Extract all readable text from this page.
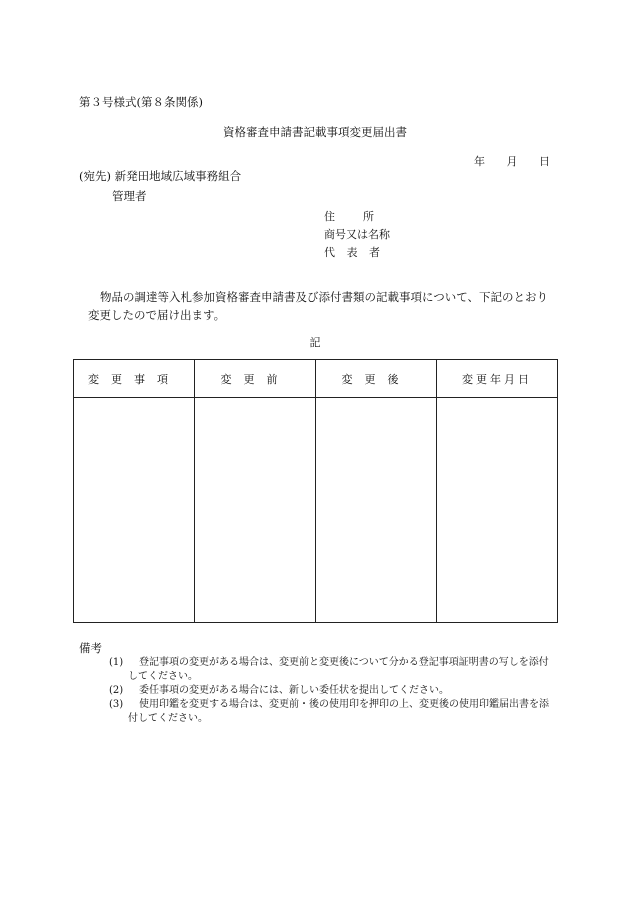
第３号様式(第８条関係)
資格審査申請書記載事項変更届出書
年 月 日
(宛先) 新発田地域広域事務組合
管理者
住所
商号又は名称
代表者
物品の調達等入札参加資格審査申請書及び添付書類の記載事項について、下記のとおり変更したので届け出ます。
記
変更事項	変更前	変更後	変更年月日

備考
(1)	登記事項の変更がある場合は、変更前と変更後について分かる登記事項証明書の写しを添付してください。
(2)	委任事項の変更がある場合には、新しい委任状を提出してください。
(3)	使用印鑑を変更する場合は、変更前・後の使用印を押印の上、変更後の使用印鑑届出書を添付してください。
